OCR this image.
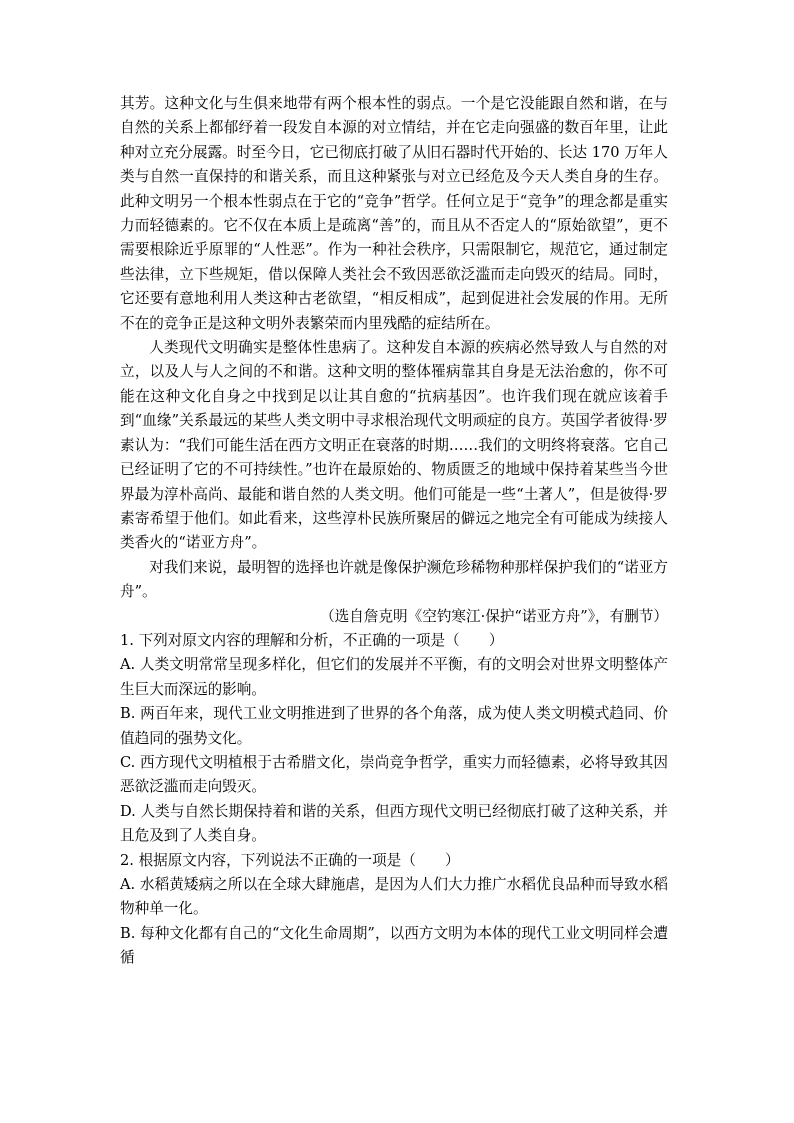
其芳。这种文化与生俱来地带有两个根本性的弱点。一个是它没能跟自然和谐，在与自然的关系上都郁纾着一段发自本源的对立情结，并在它走向强盛的数百年里，让此种对立充分展露。时至今日，它已彻底打破了从旧石器时代开始的、长达 170 万年人类与自然一直保持的和谐关系，而且这种紧张与对立已经危及今天人类自身的生存。此种文明另一个根本性弱点在于它的“竞争”哲学。任何立足于“竞争”的理念都是重实力而轻德素的。它不仅在本质上是疏离“善”的，而且从不否定人的“原始欲望”，更不需要根除近乎原罪的“人性恶”。作为一种社会秩序，只需限制它，规范它，通过制定些法律，立下些规矩，借以保障人类社会不致因恶欲泛滥而走向毁灭的结局。同时，它还要有意地利用人类这种古老欲望，“相反相成”，起到促进社会发展的作用。无所不在的竞争正是这种文明外表繁荣而内里残酷的症结所在。

人类现代文明确实是整体性患病了。这种发自本源的疾病必然导致人与自然的对立，以及人与人之间的不和谐。这种文明的整体罹病靠其自身是无法治愈的，你不可能在这种文化自身之中找到足以让其自愈的“抗病基因”。也许我们现在就应该着手到“血缘”关系最远的某些人类文明中寻求根治现代文明顽症的良方。英国学者彼得·罗素认为：“我们可能生活在西方文明正在衰落的时期……我们的文明终将衰落。它自己已经证明了它的不可持续性。”也许在最原始的、物质匮乏的地域中保持着某些当今世界最为淳朴高尚、最能和谐自然的人类文明。他们可能是一些“土著人”，但是彼得·罗素寄希望于他们。如此看来，这些淳朴民族所聚居的僻远之地完全有可能成为续接人类香火的“诺亚方舟”。

对我们来说，最明智的选择也许就是像保护濒危珍稀物种那样保护我们的“诺亚方舟”。

（选自詹克明《空钓寒江·保护“诺亚方舟”》，有删节）

1. 下列对原文内容的理解和分析，不正确的一项是（　　）

A. 人类文明常常呈现多样化，但它们的发展并不平衡，有的文明会对世界文明整体产生巨大而深远的影响。

B. 两百年来，现代工业文明推进到了世界的各个角落，成为使人类文明模式趋同、价值趋同的强势文化。

C. 西方现代文明植根于古希腊文化，崇尚竞争哲学，重实力而轻德素，必将导致其因恶欲泛滥而走向毁灭。

D. 人类与自然长期保持着和谐的关系，但西方现代文明已经彻底打破了这种关系，并且危及到了人类自身。

2. 根据原文内容，下列说法不正确的一项是（　　）

A. 水稻黄矮病之所以在全球大肆施虐，是因为人们大力推广水稻优良品种而导致水稻物种单一化。

B. 每种文化都有自己的“文化生命周期”，以西方文明为本体的现代工业文明同样会遭循
